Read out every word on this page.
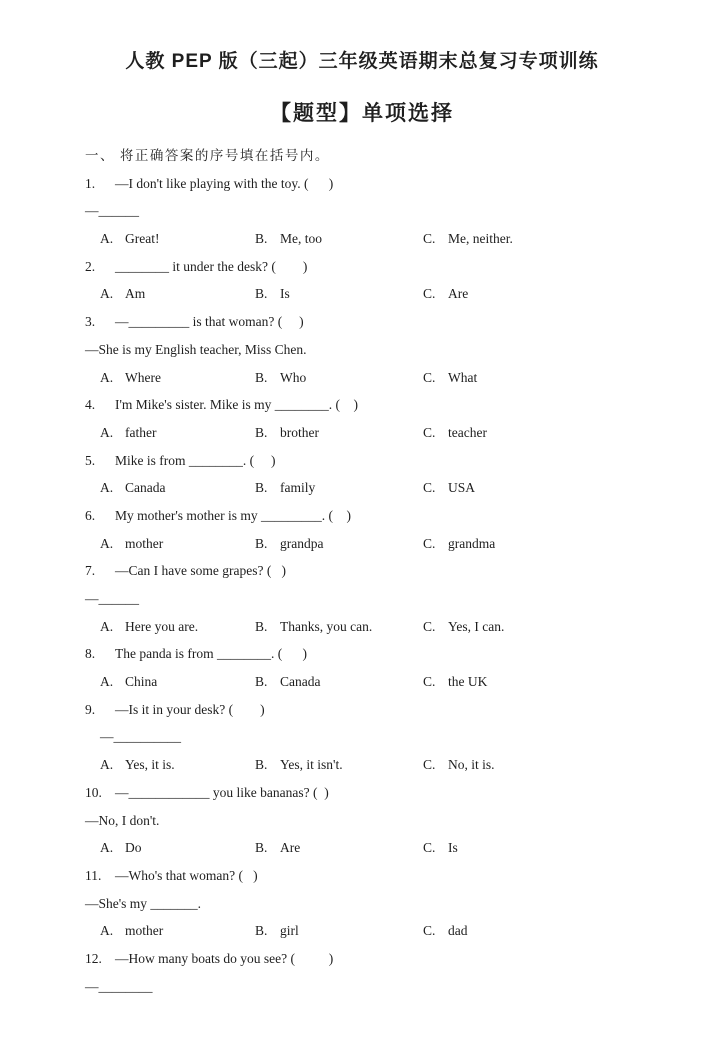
人教 PEP 版（三起）三年级英语期末总复习专项训练
【题型】单项选择
一、 将正确答案的序号填在括号内。
1. —I don't like playing with the toy. (      )
—______

A. Great!

	B. Me, too

	C. Me, neither.

2. ________ it under the desk? (        )

A. Am

	B. Is

	C. Are

3. —_________ is that woman? (     )
—She is my English teacher, Miss Chen.

A. Where

	B. Who

	C. What

4. I'm Mike's sister. Mike is my ________. (    )

A. father

	B. brother

	C. teacher

5. Mike is from ________. (     )

A. Canada

	B. family

	C. USA

6. My mother's mother is my _________. (    )

A. mother

	B. grandpa

	C. grandma

7. —Can I have some grapes? (   )
—______

A. Here you are.

	B. Thanks, you can.

	C. Yes, I can.

8. The panda is from ________. (      )

A. China

	B. Canada

	C. the UK

9. —Is it in your desk? (        )
—__________

A. Yes, it is.

	B. Yes, it isn't.

	C. No, it is.

10. —____________ you like bananas? (  )
—No, I don't.

A. Do

	B. Are

	C. Is

11. —Who's that woman? (   )
—She's my _______.

A. mother

	B. girl

	C. dad

12. —How many boats do you see? (          )
—________
